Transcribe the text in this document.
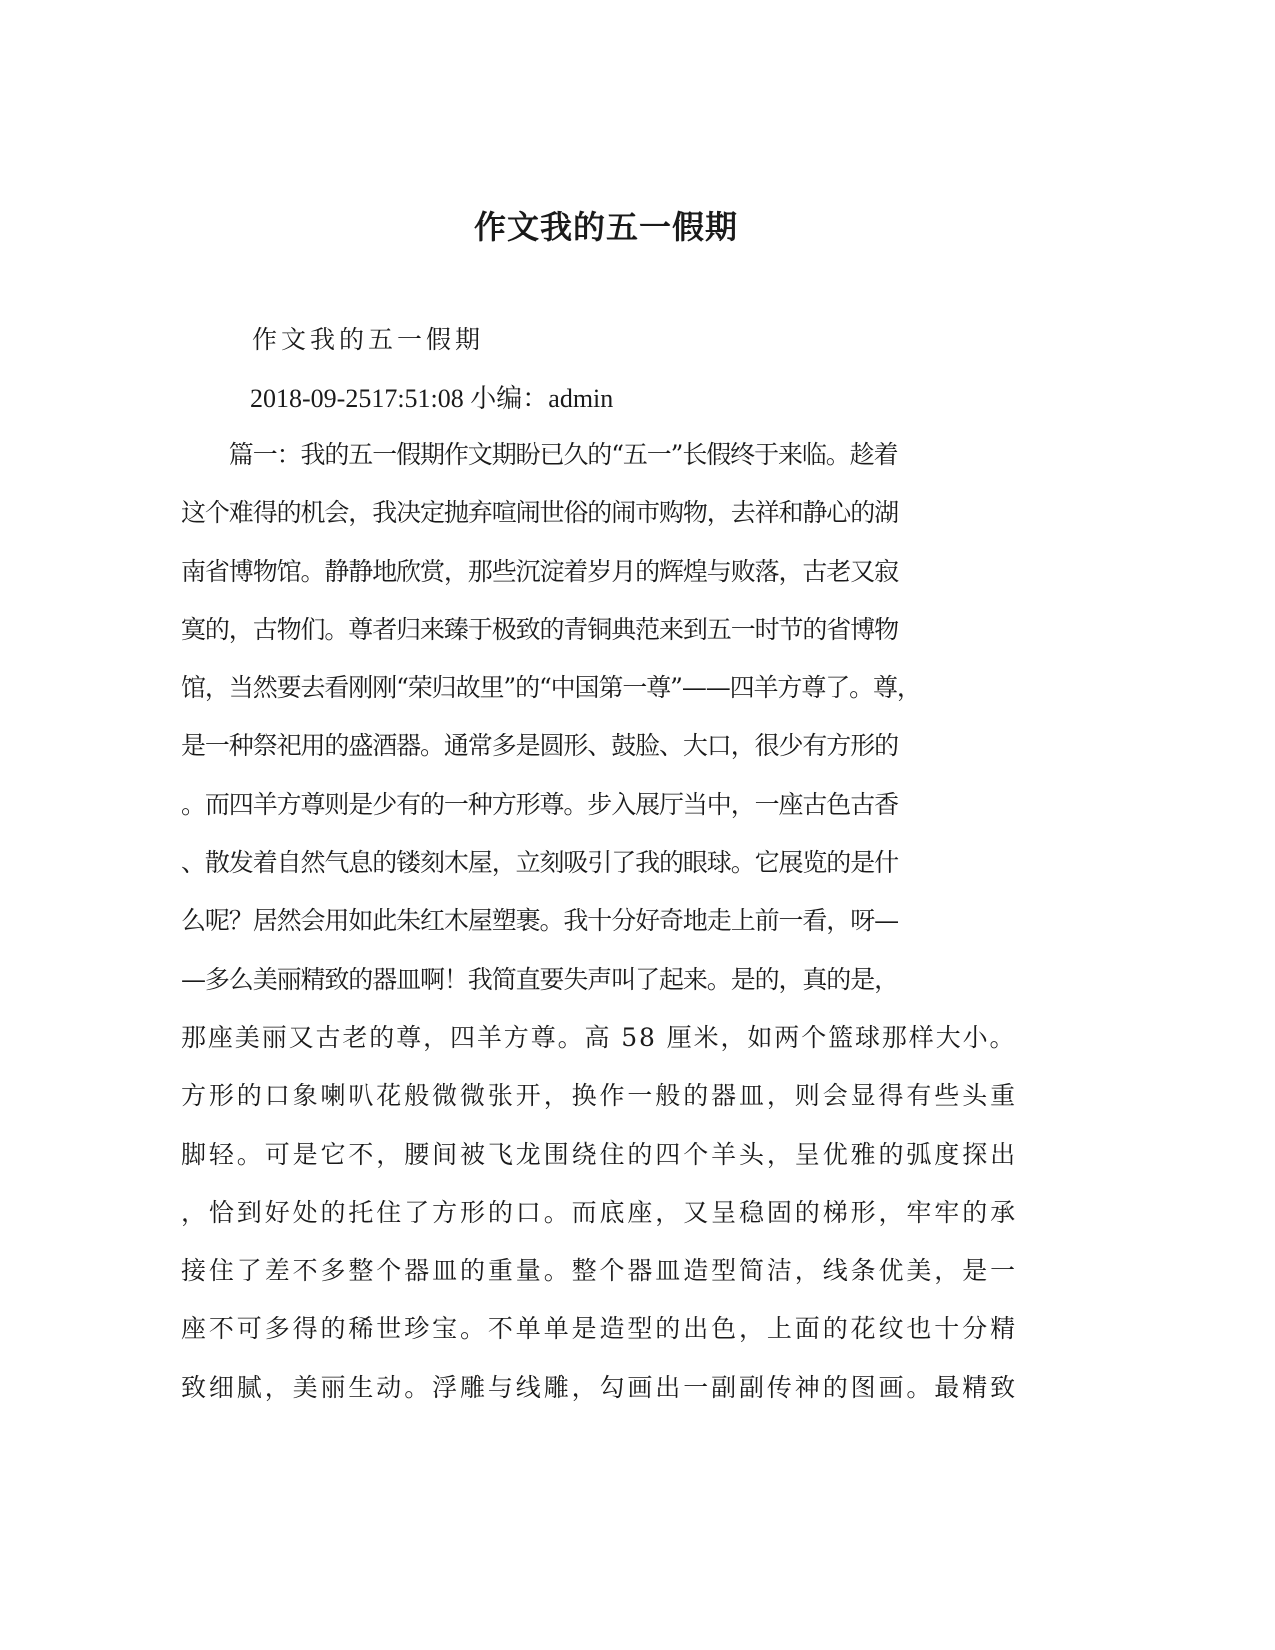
作文我的五一假期

作文我的五一假期

2018-09-2517:51:08 小编：admin

　　篇一：我的五一假期作文期盼已久的“五一”长假终于来临。趁着
这个难得的机会，我决定抛弃喧闹世俗的闹市购物，去祥和静心的湖
南省博物馆。静静地欣赏，那些沉淀着岁月的辉煌与败落，古老又寂
寞的，古物们。尊者归来臻于极致的青铜典范来到五一时节的省博物
馆，当然要去看刚刚“荣归故里”的“中国第一尊”——四羊方尊了。尊，
是一种祭祀用的盛酒器。通常多是圆形、鼓脸、大口，很少有方形的
。而四羊方尊则是少有的一种方形尊。步入展厅当中，一座古色古香
、散发着自然气息的镂刻木屋，立刻吸引了我的眼球。它展览的是什
么呢？居然会用如此朱红木屋塑裹。我十分好奇地走上前一看，呀—
—多么美丽精致的器皿啊！我简直要失声叫了起来。是的，真的是，
那座美丽又古老的尊，四羊方尊。高 58 厘米，如两个篮球那样大小。
方形的口象喇叭花般微微张开，换作一般的器皿，则会显得有些头重
脚轻。可是它不，腰间被飞龙围绕住的四个羊头，呈优雅的弧度探出
，恰到好处的托住了方形的口。而底座，又呈稳固的梯形，牢牢的承
接住了差不多整个器皿的重量。整个器皿造型简洁，线条优美，是一
座不可多得的稀世珍宝。不单单是造型的出色，上面的花纹也十分精
致细腻，美丽生动。浮雕与线雕，勾画出一副副传神的图画。最精致
